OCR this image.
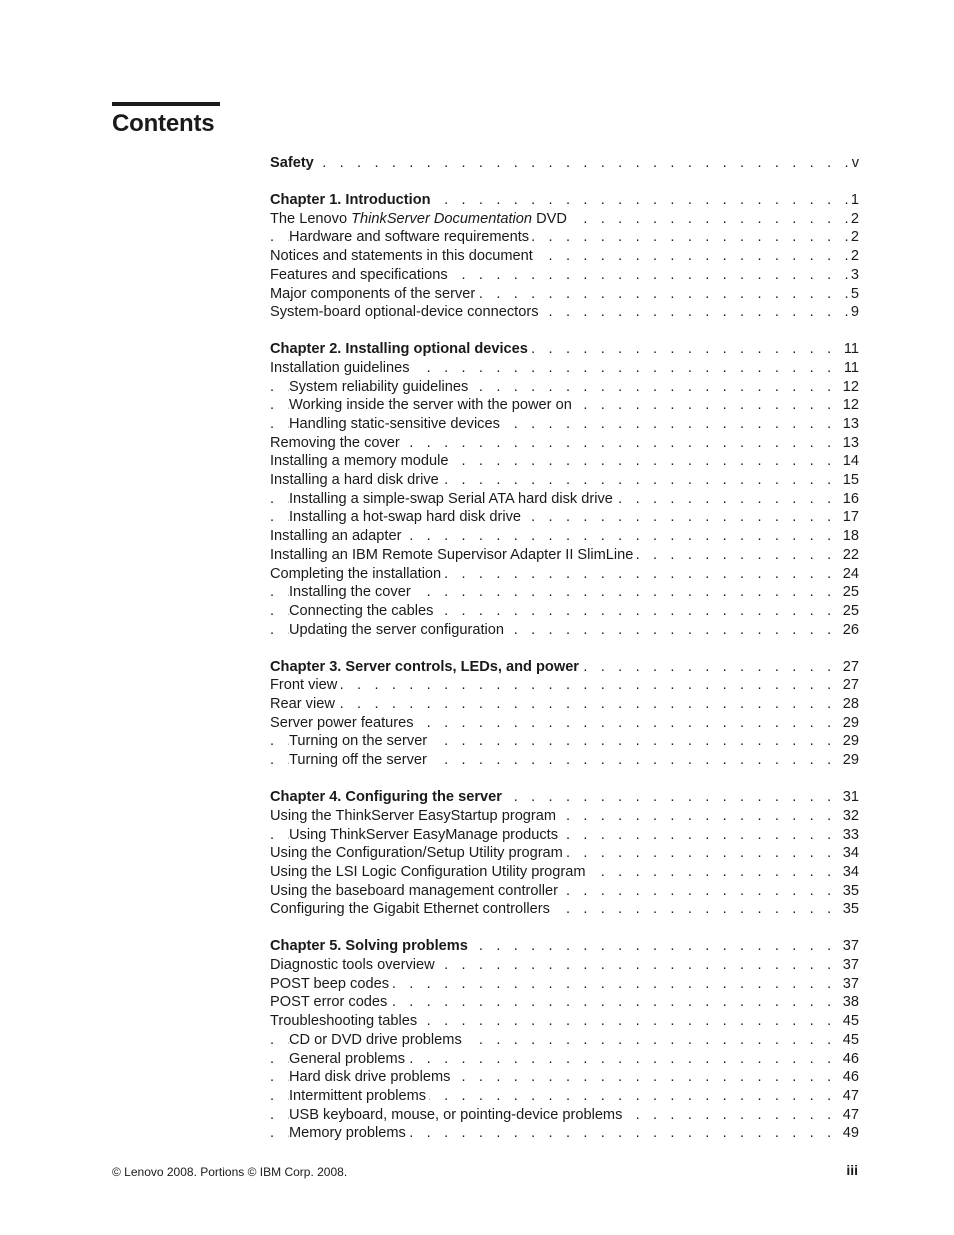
Contents
Safety	v
. . .
Chapter 1. Introduction	1
. . .
The Lenovo ThinkServer Documentation DVD	2
. . .
Hardware and software requirements	2
. . .
Notices and statements in this document	2
. . .
Features and specifications	3
. . .
Major components of the server	5
. . .
System-board optional-device connectors	9
. . .
Chapter 2. Installing optional devices	11
. . .
Installation guidelines	11
. . .
System reliability guidelines	12
. . .
Working inside the server with the power on	12
. . .
Handling static-sensitive devices	13
. . .
Removing the cover	13
. . .
Installing a memory module	14
. . .
Installing a hard disk drive	15
. . .
Installing a simple-swap Serial ATA hard disk drive	16
. . .
Installing a hot-swap hard disk drive	17
. . .
Installing an adapter	18
. . .
Installing an IBM Remote Supervisor Adapter II SlimLine	22
. . .
Completing the installation	24
. . .
Installing the cover	25
. . .
Connecting the cables	25
. . .
Updating the server configuration	26
. . .
Chapter 3. Server controls, LEDs, and power	27
. . .
Front view	27
. . .
Rear view	28
. . .
Server power features	29
. . .
Turning on the server	29
. . .
Turning off the server	29
. . .
Chapter 4. Configuring the server	31
. . .
Using the ThinkServer EasyStartup program	32
. . .
Using ThinkServer EasyManage products	33
. . .
Using the Configuration/Setup Utility program	34
. . .
Using the LSI Logic Configuration Utility program	34
. . .
Using the baseboard management controller	35
. . .
Configuring the Gigabit Ethernet controllers	35
. . .
Chapter 5. Solving problems	37
. . .
Diagnostic tools overview	37
. . .
POST beep codes	37
. . .
POST error codes	38
. . .
Troubleshooting tables	45
. . .
CD or DVD drive problems	45
. . .
General problems	46
. . .
Hard disk drive problems	46
. . .
Intermittent problems	47
. . .
USB keyboard, mouse, or pointing-device problems	47
. . .
Memory problems	49
. . .
© Lenovo 2008. Portions © IBM Corp. 2008.	iii
